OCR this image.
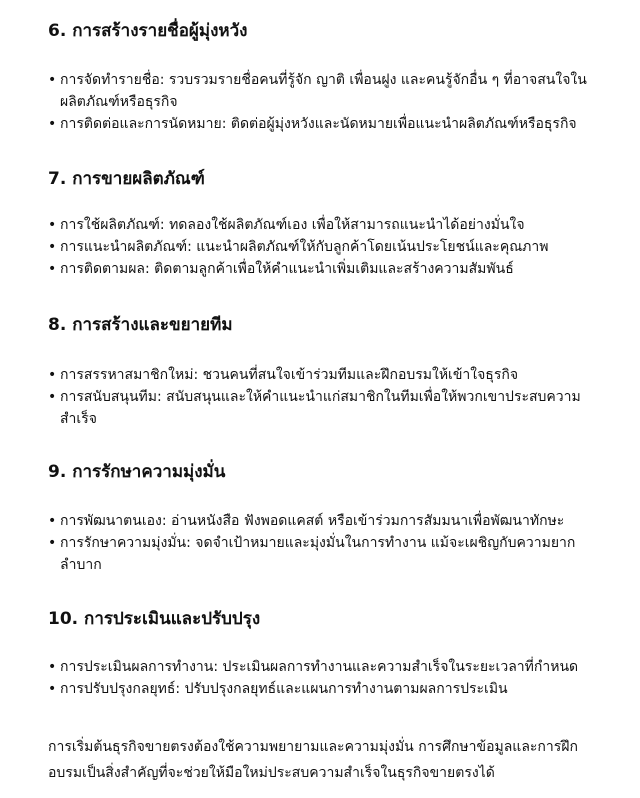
6. การสร้างรายชื่อผู้มุ่งหวัง
• การจัดทำรายชื่อ: รวบรวมรายชื่อคนที่รู้จัก ญาติ เพื่อนฝูง และคนรู้จักอื่น ๆ ที่อาจสนใจในผลิตภัณฑ์หรือธุรกิจ
• การติดต่อและการนัดหมาย: ติดต่อผู้มุ่งหวังและนัดหมายเพื่อแนะนำผลิตภัณฑ์หรือธุรกิจ
7. การขายผลิตภัณฑ์
• การใช้ผลิตภัณฑ์: ทดลองใช้ผลิตภัณฑ์เอง เพื่อให้สามารถแนะนำได้อย่างมั่นใจ
• การแนะนำผลิตภัณฑ์: แนะนำผลิตภัณฑ์ให้กับลูกค้าโดยเน้นประโยชน์และคุณภาพ
• การติดตามผล: ติดตามลูกค้าเพื่อให้คำแนะนำเพิ่มเติมและสร้างความสัมพันธ์
8. การสร้างและขยายทีม
• การสรรหาสมาชิกใหม่: ชวนคนที่สนใจเข้าร่วมทีมและฝึกอบรมให้เข้าใจธุรกิจ
• การสนับสนุนทีม: สนับสนุนและให้คำแนะนำแก่สมาชิกในทีมเพื่อให้พวกเขาประสบความสำเร็จ
9. การรักษาความมุ่งมั่น
• การพัฒนาตนเอง: อ่านหนังสือ ฟังพอดแคสต์ หรือเข้าร่วมการสัมมนาเพื่อพัฒนาทักษะ
• การรักษาความมุ่งมั่น: จดจำเป้าหมายและมุ่งมั่นในการทำงาน แม้จะเผชิญกับความยากลำบาก
10. การประเมินและปรับปรุง
• การประเมินผลการทำงาน: ประเมินผลการทำงานและความสำเร็จในระยะเวลาที่กำหนด
• การปรับปรุงกลยุทธ์: ปรับปรุงกลยุทธ์และแผนการทำงานตามผลการประเมิน

การเริ่มต้นธุรกิจขายตรงต้องใช้ความพยายามและความมุ่งมั่น การศึกษาข้อมูลและการฝึกอบรมเป็นสิ่งสำคัญที่จะช่วยให้มือใหม่ประสบความสำเร็จในธุรกิจขายตรงได้
